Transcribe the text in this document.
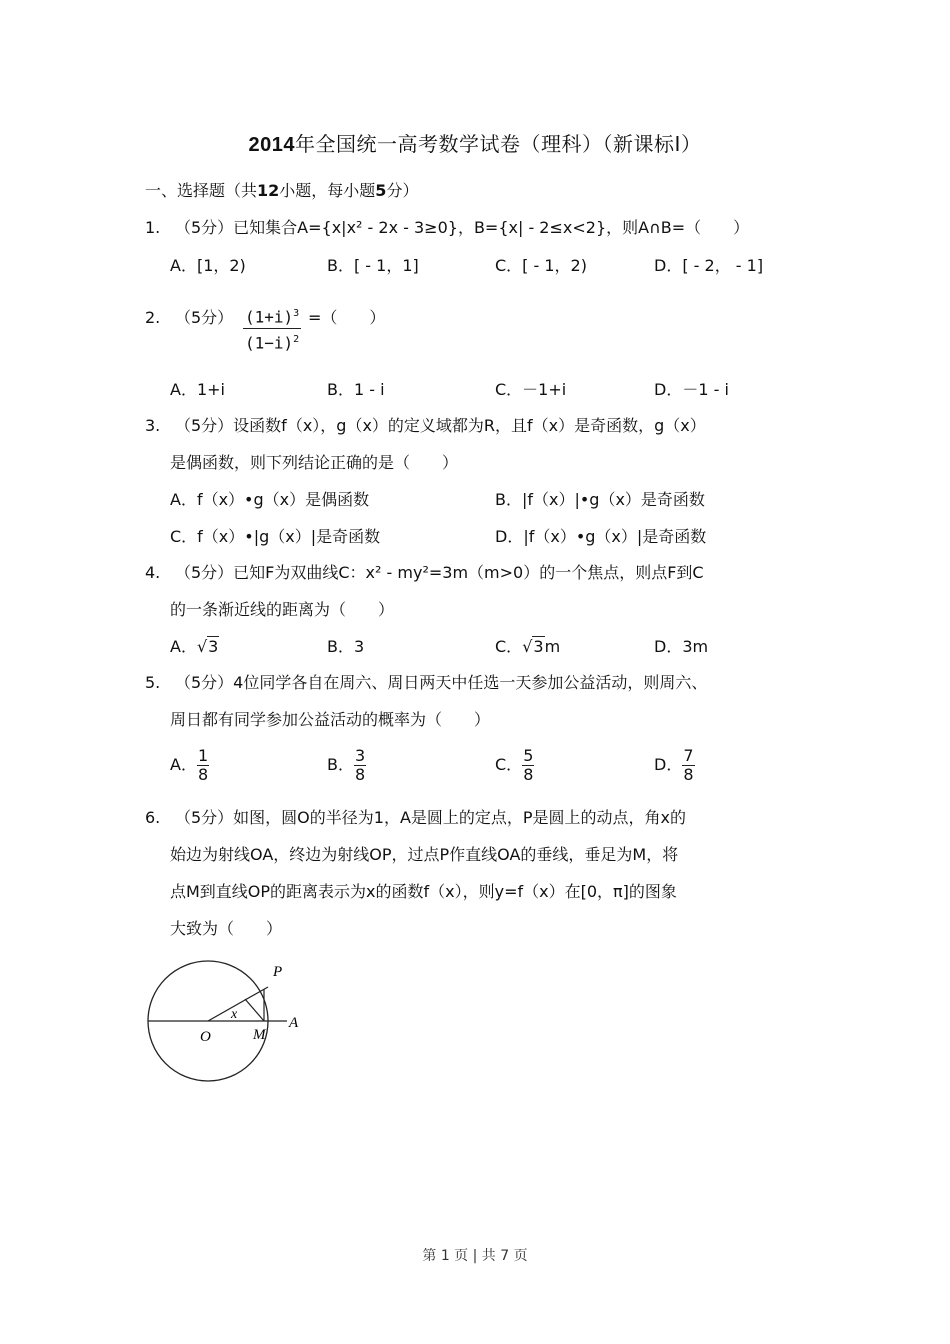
2014年全国统一高考数学试卷（理科）（新课标Ⅰ）
一、选择题（共12小题，每小题5分）
1. （5分）已知集合A={x|x² - 2x - 3≥0}，B={x| - 2≤x<2}，则A∩B=（　　）
A．[1，2)	B．[ - 1，1]	C．[ - 1，2)	D．[ - 2， - 1]
2. （5分） $\frac{(1+i)^3}{(1-i)^2}$ =（　　）
A．1+i	B．1 - i	C．－1+i	D．－1 - i
3. （5分）设函数f（x），g（x）的定义域都为R，且f（x）是奇函数，g（x）
是偶函数，则下列结论正确的是（　　）
A．f（x）•g（x）是偶函数	B．|f（x）|•g（x）是奇函数
C．f（x）•|g（x）|是奇函数	D．|f（x）•g（x）|是奇函数
4. （5分）已知F为双曲线C：x² - my²=3m（m>0）的一个焦点，则点F到C
的一条渐近线的距离为（　　）
A．√3	B．3	C．√3m	D．3m
5. （5分）4位同学各自在周六、周日两天中任选一天参加公益活动，则周六、
周日都有同学参加公益活动的概率为（　　）
A． $\frac{1}{8}$	B． $\frac{3}{8}$	C． $\frac{5}{8}$	D． $\frac{7}{8}$
6. （5分）如图，圆O的半径为1，A是圆上的定点，P是圆上的动点，角x的
始边为射线OA，终边为射线OP，过点P作直线OA的垂线，垂足为M，将
点M到直线OP的距离表示为x的函数f（x），则y=f（x）在[0，π]的图象
大致为（　　）
P
x
O	M
A
第 1 页 | 共 7 页
